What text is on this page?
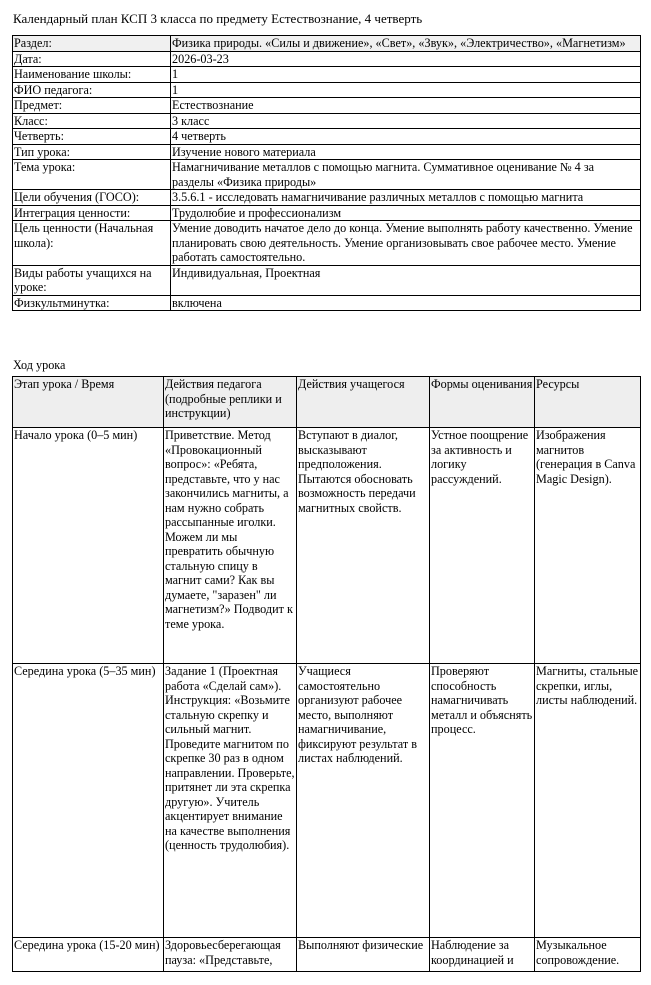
Календарный план КСП 3 класса по предмету Естествознание, 4 четверть
Раздел:	Физика природы. «Силы и движение», «Свет», «Звук», «Электричество», «Магнетизм»
Дата:	2026-03-23
Наименование школы:	1
ФИО педагога:	1
Предмет:	Естествознание
Класс:	3 класс
Четверть:	4 четверть
Тип урока:	Изучение нового материала
Тема урока:	Намагничивание металлов с помощью магнита. Суммативное оценивание № 4 за разделы «Физика природы»
Цели обучения (ГОСО):	3.5.6.1 - исследовать намагничивание различных металлов с помощью магнита
Интеграция ценности:	Трудолюбие и профессионализм
Цель ценности (Начальная школа):	Умение доводить начатое дело до конца. Умение выполнять работу качественно. Умение планировать свою деятельность. Умение организовывать свое рабочее место. Умение работать самостоятельно.
Виды работы учащихся на уроке:	Индивидуальная, Проектная
Физкультминутка:	включена
Ход урока
Этап урока / Время	Действия педагога (подробные реплики и инструкции)	Действия учащегося	Формы оценивания	Ресурсы
Начало урока (0–5 мин)	Приветствие. Метод «Провокационный вопрос»: «Ребята, представьте, что у нас закончились магниты, а нам нужно собрать рассыпанные иголки. Можем ли мы превратить обычную стальную спицу в магнит сами? Как вы думаете, "заразен" ли магнетизм?» Подводит к теме урока.	Вступают в диалог, высказывают предположения. Пытаются обосновать возможность передачи магнитных свойств.	Устное поощрение за активность и логику рассуждений.	Изображения магнитов (генерация в Canva Magic Design).
Середина урока (5–35 мин)	Задание 1 (Проектная работа «Сделай сам»). Инструкция: «Возьмите стальную скрепку и сильный магнит. Проведите магнитом по скрепке 30 раз в одном направлении. Проверьте, притянет ли эта скрепка другую». Учитель акцентирует внимание на качестве выполнения (ценность трудолюбия).	Учащиеся самостоятельно организуют рабочее место, выполняют намагничивание, фиксируют результат в листах наблюдений.	Проверяют способность намагничивать металл и объяснять процесс.	Магниты, стальные скрепки, иглы, листы наблюдений.
Середина урока (15-20 мин)	Здоровьесберегающая пауза: «Представьте,	Выполняют физические	Наблюдение за координацией и	Музыкальное сопровождение.
